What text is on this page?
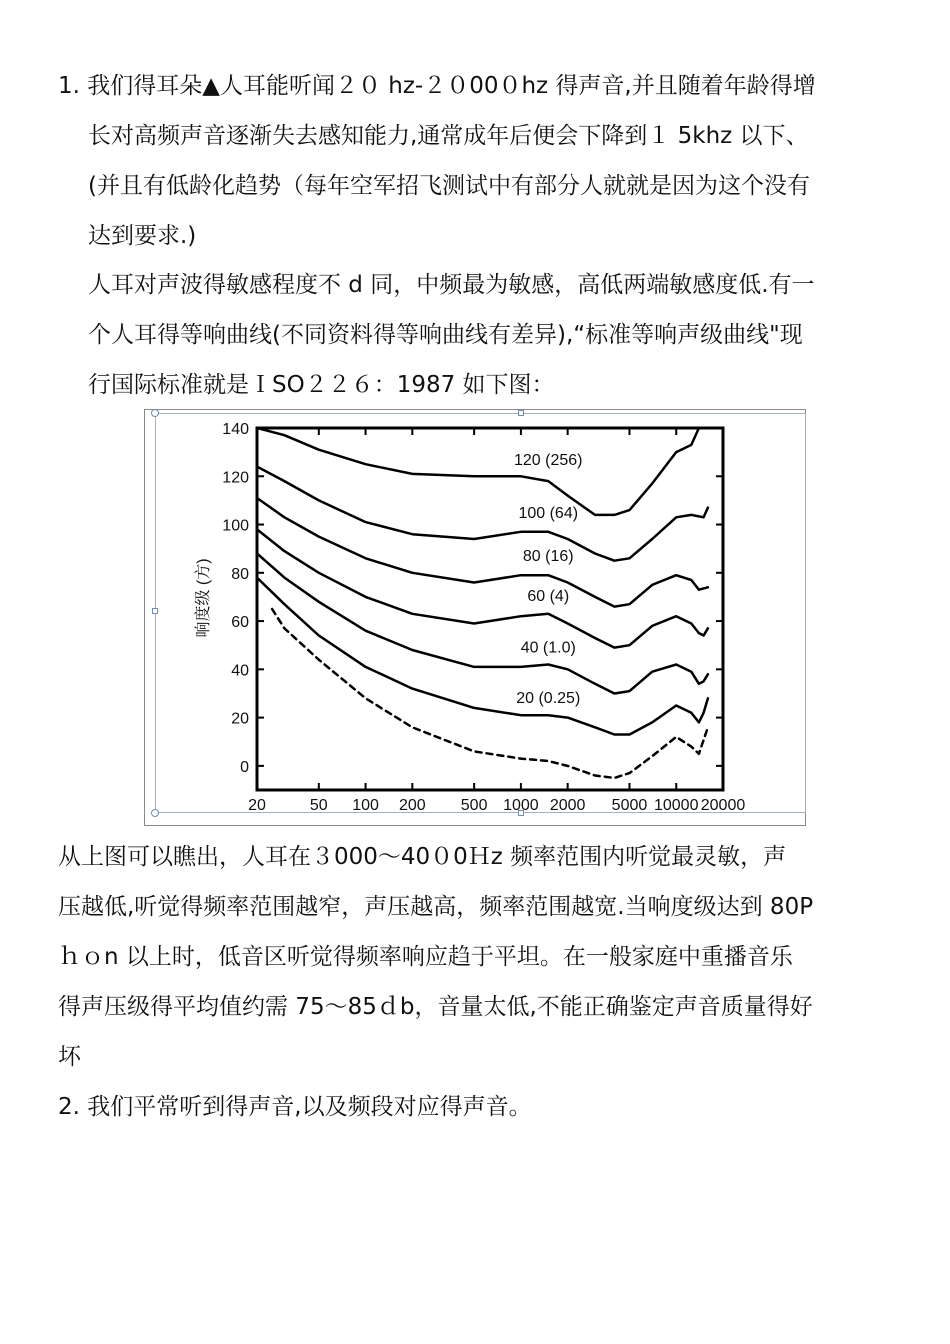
1. 我们得耳朵▲人耳能听闻２０ hz-２０00０hz 得声音,并且随着年龄得增
长对高频声音逐渐失去感知能力,通常成年后便会下降到１ 5khz 以下、
(并且有低龄化趋势（每年空军招飞测试中有部分人就就是因为这个没有
达到要求.)
人耳对声波得敏感程度不 d 同，中频最为敏感，高低两端敏感度低.有一
个人耳得等响曲线(不同资料得等响曲线有差异),“标准等响声级曲线"现
行国际标准就是ＩSO２２６：1987 如下图：
140
120
100
80
60
40
20
0
20	50 100 200 500 1000 2000 5000 10000 20000
响度级 (方)
120 (256)
100 (64)
80 (16)
60 (4)
40 (1.0)
20 (0.25)
从上图可以瞧出，人耳在３000～40０0Ｈz 频率范围内听觉最灵敏，声
压越低,听觉得频率范围越窄，声压越高，频率范围越宽.当响度级达到 80P
ｈｏn 以上时，低音区听觉得频率响应趋于平坦。在一般家庭中重播音乐
得声压级得平均值约需 75～85ｄb，音量太低,不能正确鉴定声音质量得好
坏
2. 我们平常听到得声音,以及频段对应得声音。
